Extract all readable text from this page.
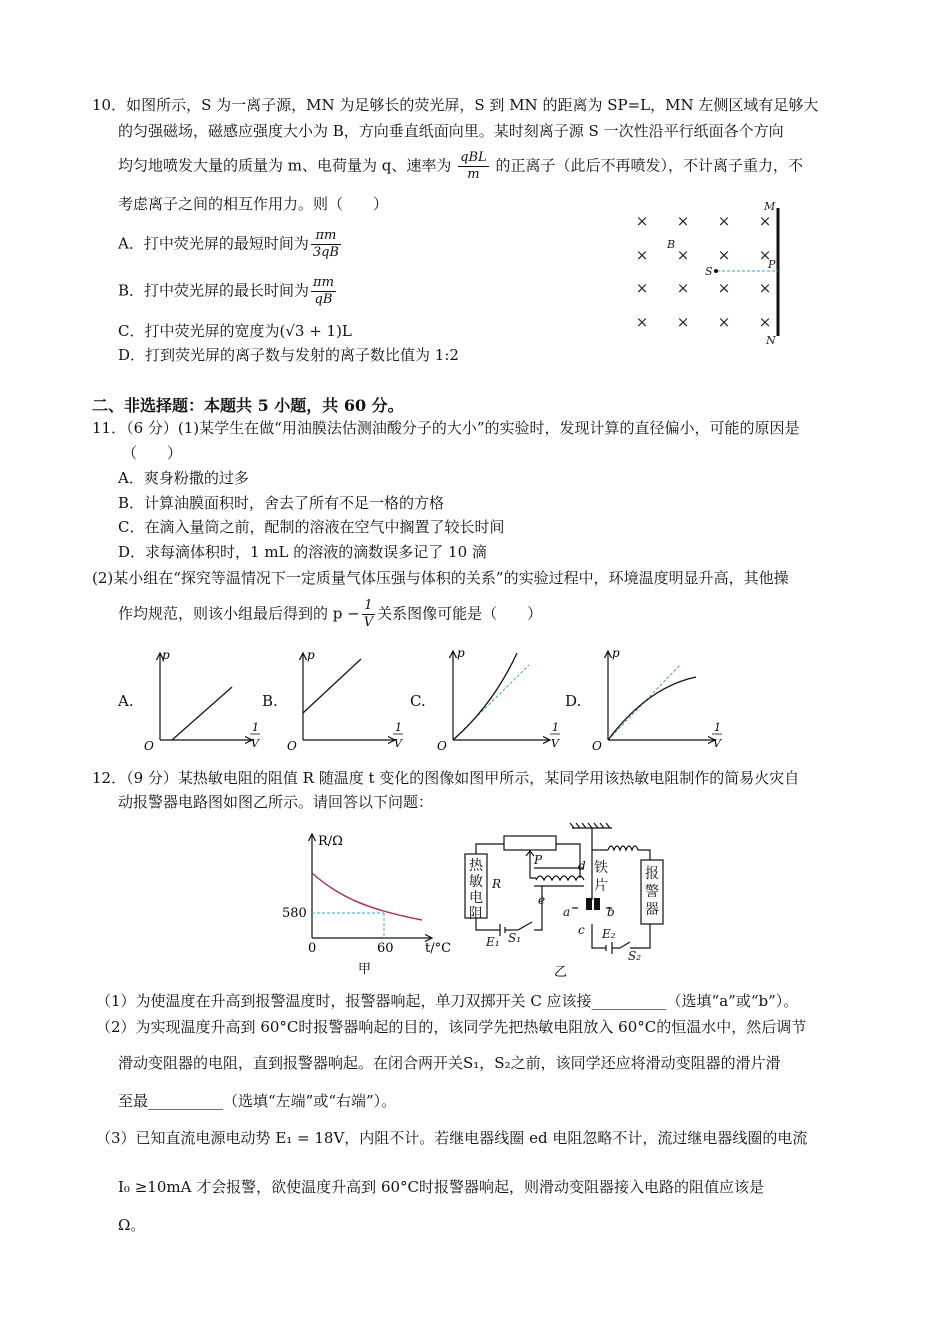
10．如图所示，S 为一离子源，MN 为足够长的荧光屏，S 到 MN 的距离为 SP=L，MN 左侧区域有足够大
的匀强磁场，磁感应强度大小为 B，方向垂直纸面向里。某时刻离子源 S 一次性沿平行纸面各个方向
均匀地喷发大量的质量为 m、电荷量为 q、速率为 $\frac{\text{qBL}}{m}$ 的正离子（此后不再喷发），不计离子重力，不
考虑离子之间的相互作用力。则（　　）
A．打中荧光屏的最短时间为 $\frac{\pi m}{3qB}$
B．打中荧光屏的最长时间为 $\frac{\pi m}{qB}$
C．打中荧光屏的宽度为(√3 + 1)L
D．打到荧光屏的离子数与发射的离子数比值为 1:2
× × × ×
× × × ×
× × × ×
× × × ×
M
N
P
S
B
二、非选择题：本题共 5 小题，共 60 分。
11．（6 分）(1)某学生在做“用油膜法估测油酸分子的大小”的实验时，发现计算的直径偏小，可能的原因是
（　　）
A．爽身粉撒的过多
B．计算油膜面积时，舍去了所有不足一格的方格
C．在滴入量筒之前，配制的溶液在空气中搁置了较长时间
D．求每滴体积时，1 mL 的溶液的滴数误多记了 10 滴
(2)某小组在“探究等温情况下一定质量气体压强与体积的关系”的实验过程中，环境温度明显升高，其他操
作均规范，则该小组最后得到的 $p - \frac{1}{V}$ 关系图像可能是（　　）
A.
p
O
1
V
B.
p
O
1
V
C.
p
O
1
V
D.
p
O
1
V
12．（9 分）某热敏电阻的阻值 R 随温度 t 变化的图像如图甲所示，某同学用该热敏电阻制作的简易火灾自
动报警器电路图如图乙所示。请回答以下问题：
R/Ω
580
0	60 t/°C
甲
热
敏
电
阻
报
警
器
铁
片
R
P	d
e
a	b
c
E₁ S₁	E₂
S₂
乙
（1）为使温度在升高到报警温度时，报警器响起，单刀双掷开关 C 应该接__________（选填“a”或“b”）。
（2）为实现温度升高到 60°C时报警器响起的目的，该同学先把热敏电阻放入 60°C的恒温水中，然后调节
滑动变阻器的电阻，直到报警器响起。在闭合两开关S₁，S₂之前，该同学还应将滑动变阻器的滑片滑
至最__________（选填“左端”或“右端”）。
（3）已知直流电源电动势 E₁ = 18V，内阻不计。若继电器线圈 ed 电阻忽略不计，流过继电器线圈的电流
I₀ ≥10mA 才会报警，欲使温度升高到 60°C时报警器响起，则滑动变阻器接入电路的阻值应该是
Ω。
